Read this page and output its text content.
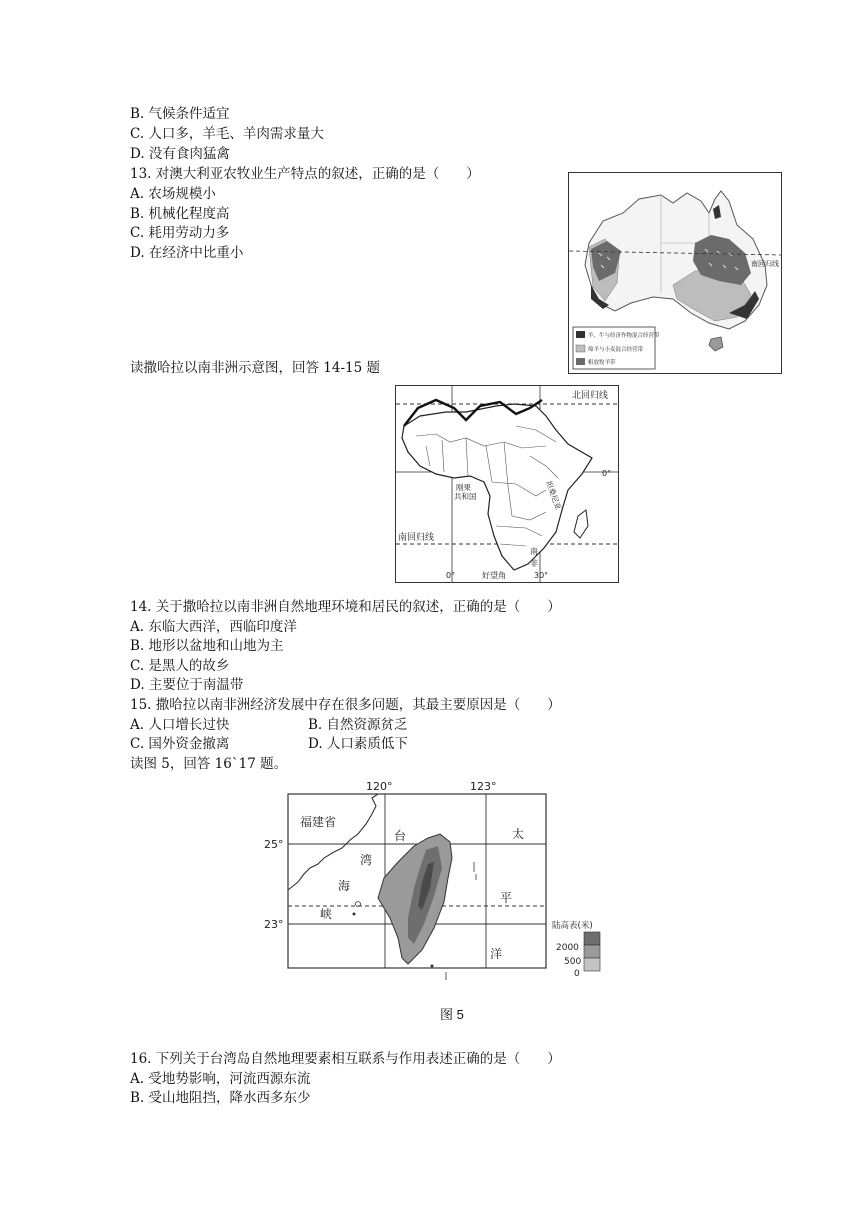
B. 气候条件适宜
C. 人口多，羊毛、羊肉需求量大
D. 没有食肉猛禽
13. 对澳大利亚农牧业生产特点的叙述，正确的是（　　）
A. 农场规模小
B. 机械化程度高
C. 耗用劳动力多
D. 在经济中比重小
南回归线
羊、牛与经济作物混合经营带
绵羊与小麦混合经营带
粗放牧羊带
读撒哈拉以南非洲示意图，回答 14-15 题
北回归线
南回归线
0°
刚果
共和国	坦桑尼亚
南
非
0°	好望角	30°
14. 关于撒哈拉以南非洲自然地理环境和居民的叙述，正确的是（　　）
A. 东临大西洋，西临印度洋
B. 地形以盆地和山地为主
C. 是黑人的故乡
D. 主要位于南温带
15. 撒哈拉以南非洲经济发展中存在很多问题，其最主要原因是（　　）
A. 人口增长过快	B. 自然资源贫乏
C. 国外资金撤离	D. 人口素质低下
读图 5，回答 16`17 题。
120°	123°
25°
23°
福建省
台
湾
海
峡
太
平
洋
陆高表(米)
2000
500
0
图 5
16. 下列关于台湾岛自然地理要素相互联系与作用表述正确的是（　　）
A. 受地势影响，河流西源东流
B. 受山地阻挡，降水西多东少
